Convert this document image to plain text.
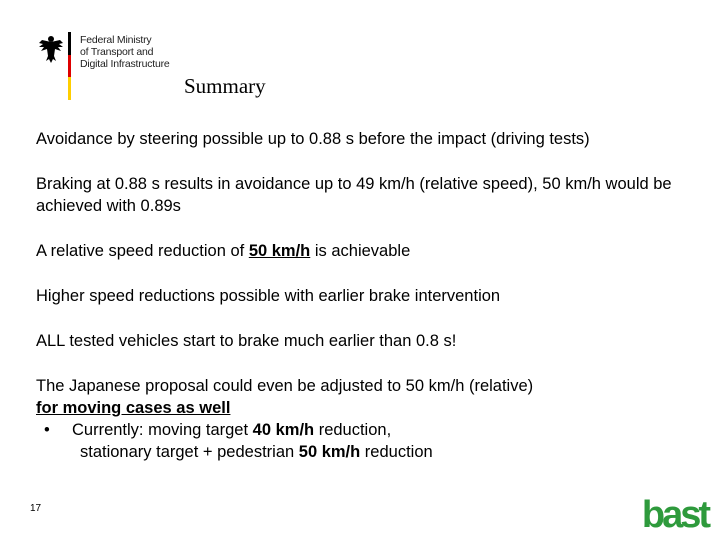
Federal Ministry
of Transport and
Digital Infrastructure
Summary

Avoidance by steering possible up to 0.88 s before the impact (driving tests)

Braking at 0.88 s results in avoidance up to 49 km/h (relative speed), 50 km/h would be achieved with 0.89s

A relative speed reduction of 50 km/h is achievable

Higher speed reductions possible with earlier brake intervention

ALL tested vehicles start to brake much earlier than 0.8 s!

The Japanese proposal could even be adjusted to 50 km/h (relative)
for moving cases as well

• Currently: moving target 40 km/h reduction,
stationary target + pedestrian 50 km/h reduction
17	bast
